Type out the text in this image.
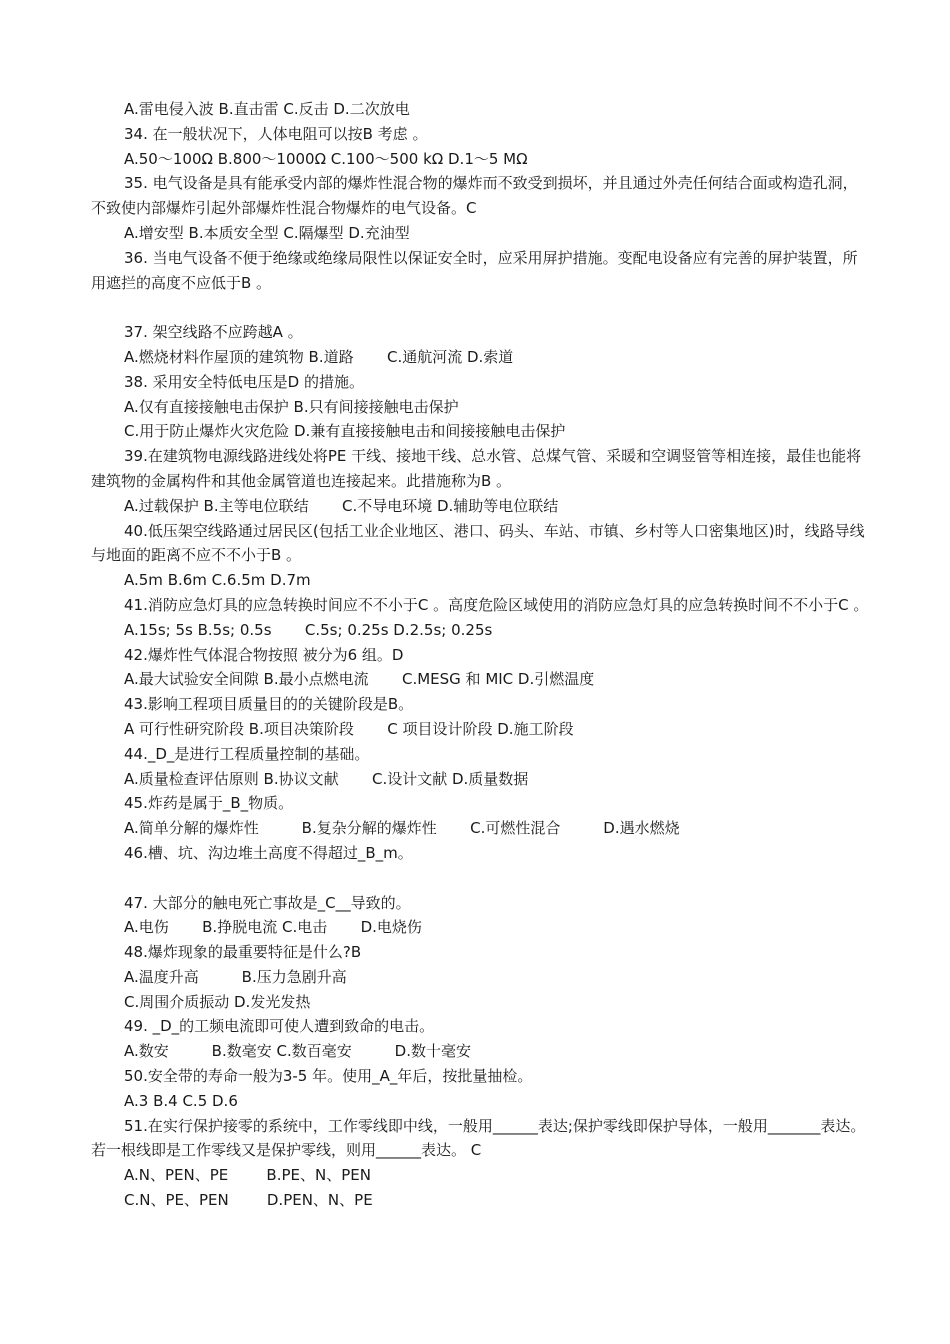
A.雷电侵入波 B.直击雷 C.反击 D.二次放电

34. 在一般状况下，人体电阻可以按B 考虑 。

A.50～100Ω B.800～1000Ω C.100～500 kΩ D.1～5 MΩ

35. 电气设备是具有能承受内部的爆炸性混合物的爆炸而不致受到损坏，并且通过外壳任何结合面或构造孔洞，不致使内部爆炸引起外部爆炸性混合物爆炸的电气设备。C

A.增安型 B.本质安全型 C.隔爆型 D.充油型

36. 当电气设备不便于绝缘或绝缘局限性以保证安全时，应采用屏护措施。变配电设备应有完善的屏护装置，所用遮拦的高度不应低于B 。

37. 架空线路不应跨越A 。

A.燃烧材料作屋顶的建筑物 B.道路       C.通航河流 D.索道

38. 采用安全特低电压是D 的措施。

A.仅有直接接触电击保护 B.只有间接接触电击保护

C.用于防止爆炸火灾危险 D.兼有直接接触电击和间接接触电击保护

39.在建筑物电源线路进线处将PE 干线、接地干线、总水管、总煤气管、采暖和空调竖管等相连接，最佳也能将建筑物的金属构件和其他金属管道也连接起来。此措施称为B 。

A.过载保护 B.主等电位联结       C.不导电环境 D.辅助等电位联结

40.低压架空线路通过居民区(包括工业企业地区、港口、码头、车站、市镇、乡村等人口密集地区)时，线路导线与地面的距离不应不不小于B 。

A.5m B.6m C.6.5m D.7m

41.消防应急灯具的应急转换时间应不不小于C 。高度危险区域使用的消防应急灯具的应急转换时间不不小于C 。

A.15s; 5s B.5s; 0.5s       C.5s; 0.25s D.2.5s; 0.25s

42.爆炸性气体混合物按照 被分为6 组。D

A.最大试验安全间隙 B.最小点燃电流       C.MESG 和 MIC D.引燃温度

43.影响工程项目质量目的的关键阶段是B。

A 可行性研究阶段 B.项目决策阶段       C 项目设计阶段 D.施工阶段

44._D_是进行工程质量控制的基础。

A.质量检查评估原则 B.协议文献       C.设计文献 D.质量数据

45.炸药是属于_B_物质。

A.简单分解的爆炸性         B.复杂分解的爆炸性       C.可燃性混合         D.遇水燃烧

46.槽、坑、沟边堆土高度不得超过_B_m。

47. 大部分的触电死亡事故是_C__导致的。

A.电伤       B.挣脱电流 C.电击       D.电烧伤

48.爆炸现象的最重要特征是什么?B

A.温度升高         B.压力急剧升高

C.周围介质振动 D.发光发热

49. _D_的工频电流即可使人遭到致命的电击。

A.数安         B.数毫安 C.数百毫安         D.数十毫安

50.安全带的寿命一般为3-5 年。使用_A_年后，按批量抽检。

A.3 B.4 C.5 D.6

51.在实行保护接零的系统中，工作零线即中线，一般用______表达;保护零线即保护导体，一般用_______表达。若一根线即是工作零线又是保护零线，则用______表达。 C

A.N、PEN、PE        B.PE、N、PEN

C.N、PE、PEN        D.PEN、N、PE
